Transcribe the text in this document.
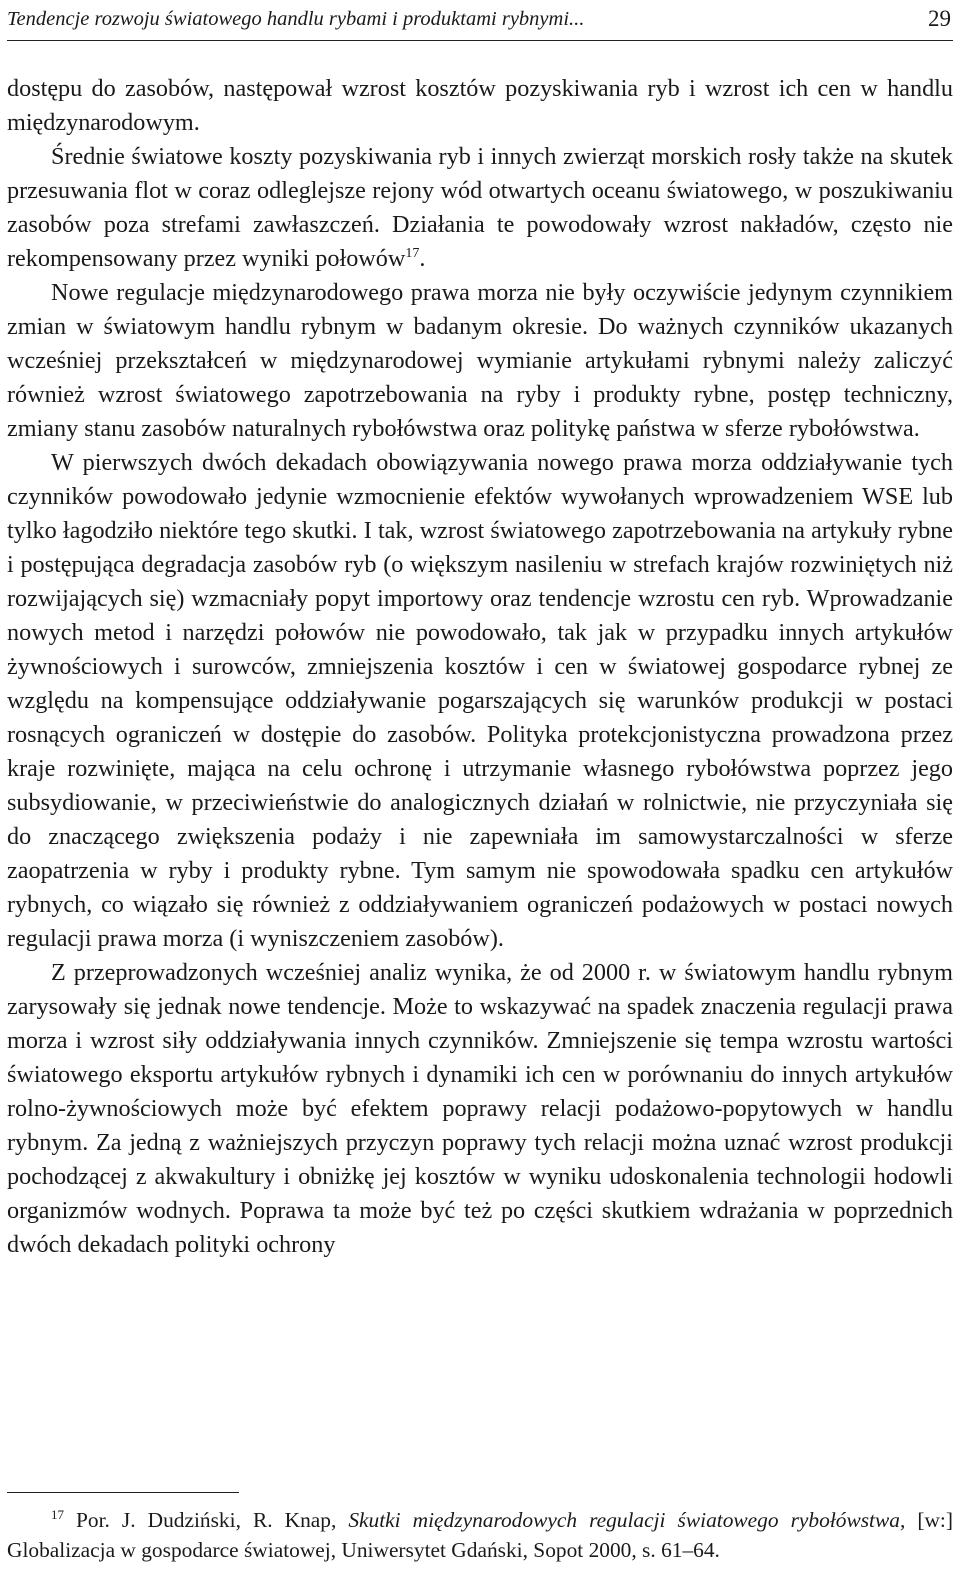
Tendencje rozwoju światowego handlu rybami i produktami rybnymi...	29

dostępu do zasobów, następował wzrost kosztów pozyskiwania ryb i wzrost ich cen w handlu międzynarodowym.

Średnie światowe koszty pozyskiwania ryb i innych zwierząt morskich rosły także na skutek przesuwania flot w coraz odleglejsze rejony wód otwartych oceanu światowego, w poszukiwaniu zasobów poza strefami zawłaszczeń. Działania te powodowały wzrost nakładów, często nie rekompensowany przez wyniki połowów$^{17}$.

Nowe regulacje międzynarodowego prawa morza nie były oczywiście jedynym czynnikiem zmian w światowym handlu rybnym w badanym okresie. Do ważnych czynników ukazanych wcześniej przekształceń w międzynarodowej wymianie artykułami rybnymi należy zaliczyć również wzrost światowego zapotrzebowania na ryby i produkty rybne, postęp techniczny, zmiany stanu zasobów naturalnych rybołówstwa oraz politykę państwa w sferze rybołówstwa.

W pierwszych dwóch dekadach obowiązywania nowego prawa morza oddziaływanie tych czynników powodowało jedynie wzmocnienie efektów wywołanych wprowadzeniem WSE lub tylko łagodziło niektóre tego skutki. I tak, wzrost światowego zapotrzebowania na artykuły rybne i postępująca degradacja zasobów ryb (o większym nasileniu w strefach krajów rozwiniętych niż rozwijających się) wzmacniały popyt importowy oraz tendencje wzrostu cen ryb. Wprowadzanie nowych metod i narzędzi połowów nie powodowało, tak jak w przypadku innych artykułów żywnościowych i surowców, zmniejszenia kosztów i cen w światowej gospodarce rybnej ze względu na kompensujące oddziaływanie pogarszających się warunków produkcji w postaci rosnących ograniczeń w dostępie do zasobów. Polityka protekcjonistyczna prowadzona przez kraje rozwinięte, mająca na celu ochronę i utrzymanie własnego rybołówstwa poprzez jego subsydiowanie, w przeciwieństwie do analogicznych działań w rolnictwie, nie przyczyniała się do znaczącego zwiększenia podaży i nie zapewniała im samowystarczalności w sferze zaopatrzenia w ryby i produkty rybne. Tym samym nie spowodowała spadku cen artykułów rybnych, co wiązało się również z oddziaływaniem ograniczeń podażowych w postaci nowych regulacji prawa morza (i wyniszczeniem zasobów).

Z przeprowadzonych wcześniej analiz wynika, że od 2000 r. w światowym handlu rybnym zarysowały się jednak nowe tendencje. Może to wskazywać na spadek znaczenia regulacji prawa morza i wzrost siły oddziaływania innych czynników. Zmniejszenie się tempa wzrostu wartości światowego eksportu artykułów rybnych i dynamiki ich cen w porównaniu do innych artykułów rolno-żywnościowych może być efektem poprawy relacji podażowo-popytowych w handlu rybnym. Za jedną z ważniejszych przyczyn poprawy tych relacji można uznać wzrost produkcji pochodzącej z akwakultury i obniżkę jej kosztów w wyniku udoskonalenia technologii hodowli organizmów wodnych. Poprawa ta może być też po części skutkiem wdrażania w poprzednich dwóch dekadach polityki ochrony

$^{17}$ Por. J. Dudziński, R. Knap, Skutki międzynarodowych regulacji światowego rybołówstwa, [w:] Globalizacja w gospodarce światowej, Uniwersytet Gdański, Sopot 2000, s. 61–64.
